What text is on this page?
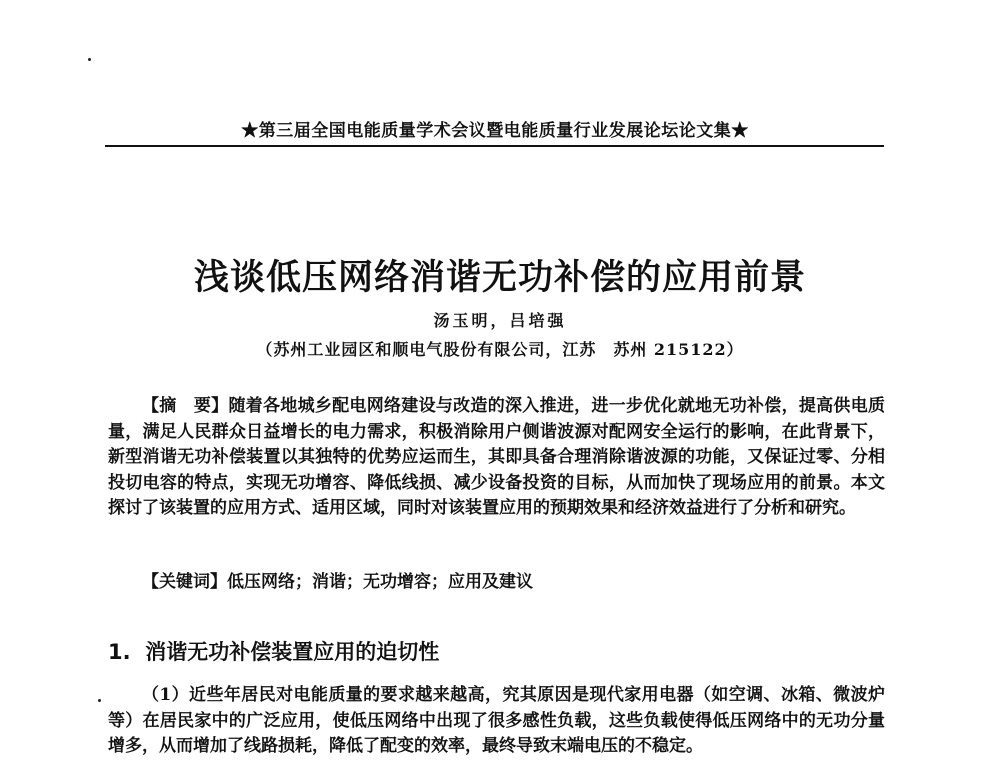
★第三届全国电能质量学术会议暨电能质量行业发展论坛论文集★
浅谈低压网络消谐无功补偿的应用前景
汤玉明，吕培强
（苏州工业园区和顺电气股份有限公司，江苏　苏州 215122）

【摘　要】随着各地城乡配电网络建设与改造的深入推进，进一步优化就地无功补偿，提高供电质量，满足人民群众日益增长的电力需求，积极消除用户侧谐波源对配网安全运行的影响，在此背景下，新型消谐无功补偿装置以其独特的优势应运而生，其即具备合理消除谐波源的功能，又保证过零、分相投切电容的特点，实现无功增容、降低线损、减少设备投资的目标，从而加快了现场应用的前景。本文探讨了该装置的应用方式、适用区域，同时对该装置应用的预期效果和经济效益进行了分析和研究。

【关键词】低压网络；消谐；无功增容；应用及建议

1. 消谐无功补偿装置应用的迫切性

（1）近些年居民对电能质量的要求越来越高，究其原因是现代家用电器（如空调、冰箱、微波炉等）在居民家中的广泛应用，使低压网络中出现了很多感性负载，这些负载使得低压网络中的无功分量增多，从而增加了线路损耗，降低了配变的效率，最终导致末端电压的不稳定。
